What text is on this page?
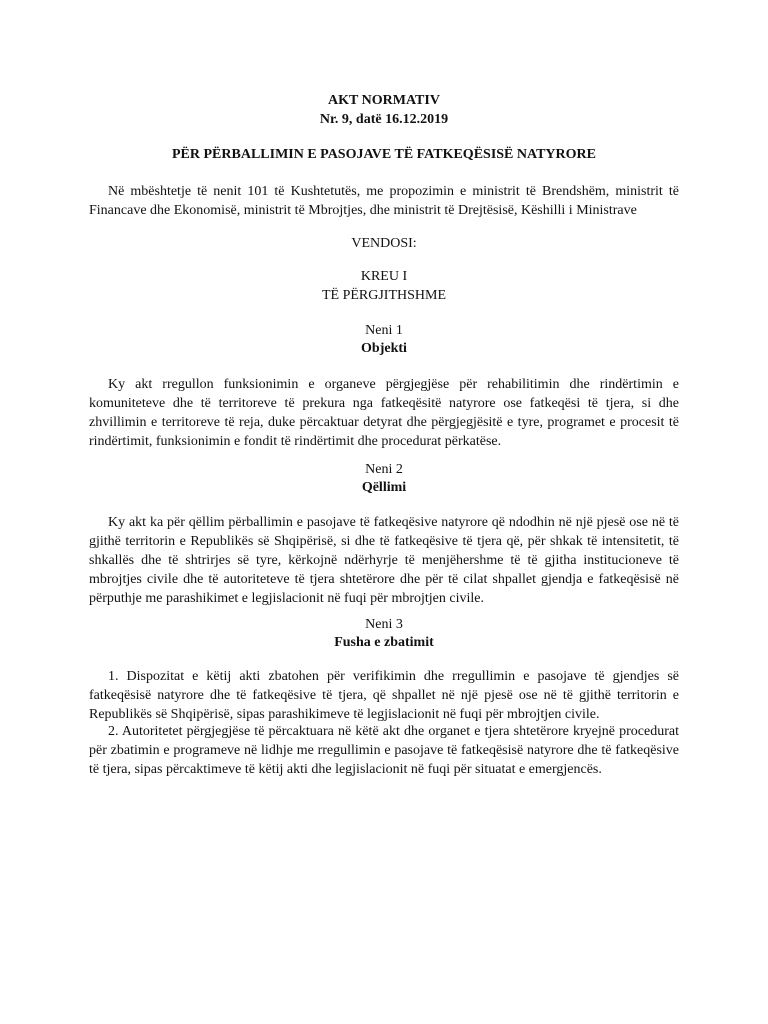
AKT NORMATIV
Nr. 9, datë 16.12.2019
PËR PËRBALLIMIN E PASOJAVE TË FATKEQËSISË NATYRORE
Në mbështetje të nenit 101 të Kushtetutës, me propozimin e ministrit të Brendshëm, ministrit të Financave dhe Ekonomisë, ministrit të Mbrojtjes, dhe ministrit të Drejtësisë, Këshilli i Ministrave
VENDOSI:
KREU I
TË PËRGJITHSHME
Neni 1
Objekti
Ky akt rregullon funksionimin e organeve përgjegjëse për rehabilitimin dhe rindërtimin e komuniteteve dhe të territoreve të prekura nga fatkeqësitë natyrore ose fatkeqësi të tjera, si dhe zhvillimin e territoreve të reja, duke përcaktuar detyrat dhe përgjegjësitë e tyre, programet e procesit të rindërtimit, funksionimin e fondit të rindërtimit dhe procedurat përkatëse.
Neni 2
Qëllimi
Ky akt ka për qëllim përballimin e pasojave të fatkeqësive natyrore që ndodhin në një pjesë ose në të gjithë territorin e Republikës së Shqipërisë, si dhe të fatkeqësive të tjera që, për shkak të intensitetit, të shkallës dhe të shtrirjes së tyre, kërkojnë ndërhyrje të menjëhershme të të gjitha institucioneve të mbrojtjes civile dhe të autoriteteve të tjera shtetërore dhe për të cilat shpallet gjendja e fatkeqësisë në përputhje me parashikimet e legjislacionit në fuqi për mbrojtjen civile.
Neni 3
Fusha e zbatimit
1. Dispozitat e këtij akti zbatohen për verifikimin dhe rregullimin e pasojave të gjendjes së fatkeqësisë natyrore dhe të fatkeqësive të tjera, që shpallet në një pjesë ose në të gjithë territorin e Republikës së Shqipërisë, sipas parashikimeve të legjislacionit në fuqi për mbrojtjen civile.
2. Autoritetet përgjegjëse të përcaktuara në këtë akt dhe organet e tjera shtetërore kryejnë procedurat për zbatimin e programeve në lidhje me rregullimin e pasojave të fatkeqësisë natyrore dhe të fatkeqësive të tjera, sipas përcaktimeve të këtij akti dhe legjislacionit në fuqi për situatat e emergjencës.
